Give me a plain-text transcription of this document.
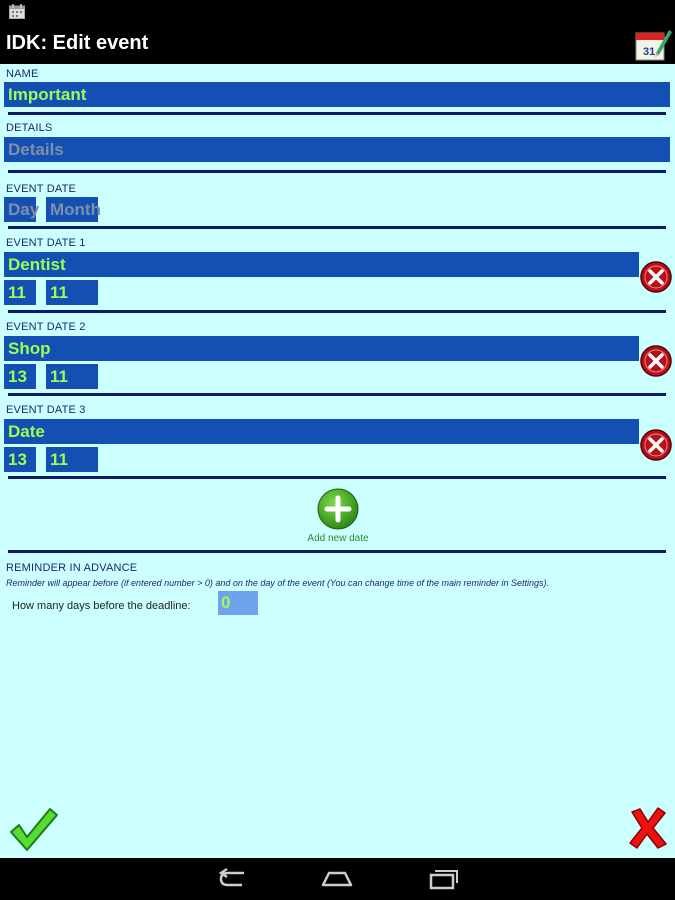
IDK: Edit event	31
NAME
Important
DETAILS
Details
EVENT DATE
Day Month
EVENT DATE 1
Dentist
11	11
EVENT DATE 2
Shop
13	11
EVENT DATE 3
Date
13	11
Add new date
REMINDER IN ADVANCE
Reminder will appear before (if entered number > 0) and on the day of the event (You can change time of the main reminder in Settings).
How many days before the deadline: 0
